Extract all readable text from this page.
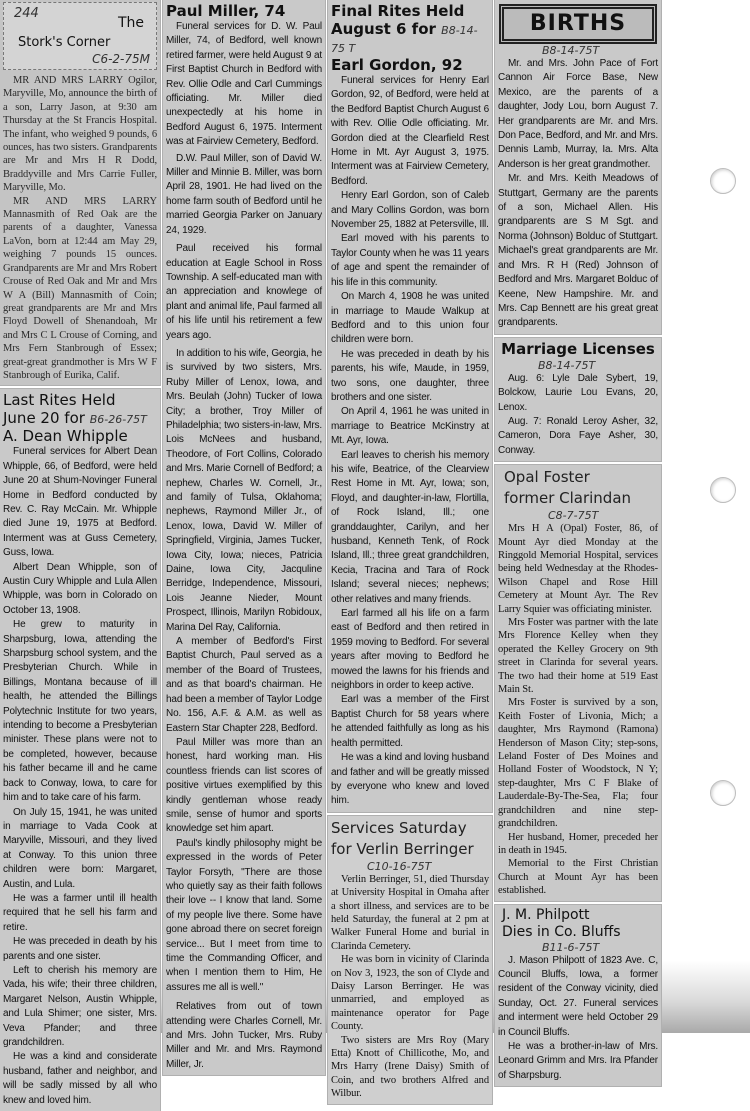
244
The
Stork's Corner
C6-2-75M

MR AND MRS LARRY Ogilor, Maryville, Mo, announce the birth of a son, Larry Jason, at 9:30 am Thursday at the St Francis Hospital. The infant, who weighed 9 pounds, 6 ounces, has two sisters. Grandparents are Mr and Mrs H R Dodd, Braddyville and Mrs Carrie Fuller, Maryville, Mo.

MR AND MRS LARRY Mannasmith of Red Oak are the parents of a daughter, Vanessa LaVon, born at 12:44 am May 29, weighing 7 pounds 15 ounces. Grandparents are Mr and Mrs Robert Crouse of Red Oak and Mr and Mrs W A (Bill) Mannasmith of Coin; great grandparents are Mr and Mrs Floyd Dowell of Shenandoah, Mr and Mrs C L Crouse of Corning, and Mrs Fern Stanbrough of Essex; great-great grandmother is Mrs W F Stanbrough of Eurika, Calif.

Last Rites Held
June 20 for B6-26-75T
A. Dean Whipple

Funeral services for Albert Dean Whipple, 66, of Bedford, were held June 20 at Shum-Novinger Funeral Home in Bedford conducted by Rev. C. Ray McCain. Mr. Whipple died June 19, 1975 at Bedford. Interment was at Guss Cemetery, Guss, Iowa.

Albert Dean Whipple, son of Austin Cury Whipple and Lula Allen Whipple, was born in Colorado on October 13, 1908.

He grew to maturity in Sharpsburg, Iowa, attending the Sharpsburg school system, and the Presbyterian Church. While in Billings, Montana because of ill health, he attended the Billings Polytechnic Institute for two years, intending to become a Presbyterian minister. These plans were not to be completed, however, because his father became ill and he came back to Conway, Iowa, to care for him and to take care of his farm.

On July 15, 1941, he was united in marriage to Vada Cook at Maryville, Missouri, and they lived at Conway. To this union three children were born: Margaret, Austin, and Lula.

He was a farmer until ill health required that he sell his farm and retire.

He was preceded in death by his parents and one sister.

Left to cherish his memory are Vada, his wife; their three children, Margaret Nelson, Austin Whipple, and Lula Shimer; one sister, Mrs. Veva Pfander; and three grandchildren.

He was a kind and considerate husband, father and neighbor, and will be sadly missed by all who knew and loved him.

Paul Miller, 74

Funeral services for D. W. Paul Miller, 74, of Bedford, well known retired farmer, were held August 9 at First Baptist Church in Bedford with Rev. Ollie Odle and Carl Cummings officiating. Mr. Miller died unexpectedly at his home in Bedford August 6, 1975. Interment was at Fairview Cemetery, Bedford.

D.W. Paul Miller, son of David W. Miller and Minnie B. Miller, was born April 28, 1901. He had lived on the home farm south of Bedford until he married Georgia Parker on January 24, 1929.

Paul received his formal education at Eagle School in Ross Township. A self-educated man with an appreciation and knowlege of plant and animal life, Paul farmed all of his life until his retirement a few years ago.

In addition to his wife, Georgia, he is survived by two sisters, Mrs. Ruby Miller of Lenox, Iowa, and Mrs. Beulah (John) Tucker of Iowa City; a brother, Troy Miller of Philadelphia; two sisters-in-law, Mrs. Lois McNees and husband, Theodore, of Fort Collins, Colorado and Mrs. Marie Cornell of Bedford; a nephew, Charles W. Cornell, Jr., and family of Tulsa, Oklahoma; nephews, Raymond Miller Jr., of Lenox, Iowa, David W. Miller of Springfield, Virginia, James Tucker, Iowa City, Iowa; nieces, Patricia Daine, Iowa City, Jacquline Berridge, Independence, Missouri, Lois Jeanne Nieder, Mount Prospect, Illinois, Marilyn Robidoux, Marina Del Ray, California.

A member of Bedford's First Baptist Church, Paul served as a member of the Board of Trustees, and as that board's chairman. He had been a member of Taylor Lodge No. 156, A.F. & A.M. as well as Eastern Star Chapter 228, Bedford.

Paul Miller was more than an honest, hard working man. His countless friends can list scores of positive virtues exemplified by this kindly gentleman whose ready smile, sense of humor and sports knowledge set him apart.

Paul's kindly philosophy might be expressed in the words of Peter Taylor Forsyth, "There are those who quietly say as their faith follows their love -- I know that land. Some of my people live there. Some have gone abroad there on secret foreign service... But I meet from time to time the Commanding Officer, and when I mention them to Him, He assures me all is well."

Relatives from out of town attending were Charles Cornell, Mr. and Mrs. John Tucker, Mrs. Ruby Miller and Mr. and Mrs. Raymond Miller, Jr.

Final Rites Held
August 6 for B8-14-75 T
Earl Gordon, 92

Funeral services for Henry Earl Gordon, 92, of Bedford, were held at the Bedford Baptist Church August 6 with Rev. Ollie Odle officiating. Mr. Gordon died at the Clearfield Rest Home in Mt. Ayr August 3, 1975. Interment was at Fairview Cemetery, Bedford.

Henry Earl Gordon, son of Caleb and Mary Collins Gordon, was born November 25, 1882 at Petersville, Ill.

Earl moved with his parents to Taylor County when he was 11 years of age and spent the remainder of his life in this community.

On March 4, 1908 he was united in marriage to Maude Walkup at Bedford and to this union four children were born.

He was preceded in death by his parents, his wife, Maude, in 1959, two sons, one daughter, three brothers and one sister.

On April 4, 1961 he was united in marriage to Beatrice McKinstry at Mt. Ayr, Iowa.

Earl leaves to cherish his memory his wife, Beatrice, of the Clearview Rest Home in Mt. Ayr, Iowa; son, Floyd, and daughter-in-law, Flortilla, of Rock Island, Ill.; one granddaughter, Carilyn, and her husband, Kenneth Tenk, of Rock Island, Ill.; three great grandchildren, Kecia, Tracina and Tara of Rock Island; several nieces; nephews; other relatives and many friends.

Earl farmed all his life on a farm east of Bedford and then retired in 1959 moving to Bedford. For several years after moving to Bedford he mowed the lawns for his friends and neighbors in order to keep active.

Earl was a member of the First Baptist Church for 58 years where he attended faithfully as long as his health permitted.

He was a kind and loving husband and father and will be greatly missed by everyone who knew and loved him.

Services Saturday
for Verlin Berringer
C10-16-75T

Verlin Berringer, 51, died Thursday at University Hospital in Omaha after a short illness, and services are to be held Saturday, the funeral at 2 pm at Walker Funeral Home and burial in Clarinda Cemetery.

He was born in vicinity of Clarinda on Nov 3, 1923, the son of Clyde and Daisy Larson Berringer. He was unmarried, and employed as maintenance operator for Page County.

Two sisters are Mrs Roy (Mary Etta) Knott of Chillicothe, Mo, and Mrs Harry (Irene Daisy) Smith of Coin, and two brothers Alfred and Wilbur.

BIRTHS
B8-14-75T

Mr. and Mrs. John Pace of Fort Cannon Air Force Base, New Mexico, are the parents of a daughter, Jody Lou, born August 7. Her grandparents are Mr. and Mrs. Don Pace, Bedford, and Mr. and Mrs. Dennis Lamb, Murray, Ia. Mrs. Alta Anderson is her great grandmother.

Mr. and Mrs. Keith Meadows of Stuttgart, Germany are the parents of a son, Michael Allen. His grandparents are S M Sgt. and Norma (Johnson) Bolduc of Stuttgart. Michael's great grandparents are Mr. and Mrs. R H (Red) Johnson of Bedford and Mrs. Margaret Bolduc of Keene, New Hampshire. Mr. and Mrs. Cap Bennett are his great great grandparents.

Marriage Licenses
B8-14-75T

Aug. 6: Lyle Dale Sybert, 19, Bolckow, Laurie Lou Evans, 20, Lenox.

Aug. 7: Ronald Leroy Asher, 32, Cameron, Dora Faye Asher, 30, Conway.

Opal Foster
former Clarindan
C8-7-75T

Mrs H A (Opal) Foster, 86, of Mount Ayr died Monday at the Ringgold Memorial Hospital, services being held Wednesday at the Rhodes-Wilson Chapel and Rose Hill Cemetery at Mount Ayr. The Rev Larry Squier was officiating minister.

Mrs Foster was partner with the late Mrs Florence Kelley when they operated the Kelley Grocery on 9th street in Clarinda for several years. The two had their home at 519 East Main St.

Mrs Foster is survived by a son, Keith Foster of Livonia, Mich; a daughter, Mrs Raymond (Ramona) Henderson of Mason City; step-sons, Leland Foster of Des Moines and Holland Foster of Woodstock, N Y; step-daughter, Mrs C F Blake of Lauderdale-By-The-Sea, Fla; four grandchildren and nine step-grandchildren.

Her husband, Homer, preceded her in death in 1945.

Memorial to the First Christian Church at Mount Ayr has been established.

J. M. Philpott
Dies in Co. Bluffs
B11-6-75T

J. Mason Philpott of 1823 Ave. C, Council Bluffs, Iowa, a former resident of the Conway vicinity, died Sunday, Oct. 27. Funeral services and interment were held October 29 in Council Bluffs.

He was a brother-in-law of Mrs. Leonard Grimm and Mrs. Ira Pfander of Sharpsburg.
